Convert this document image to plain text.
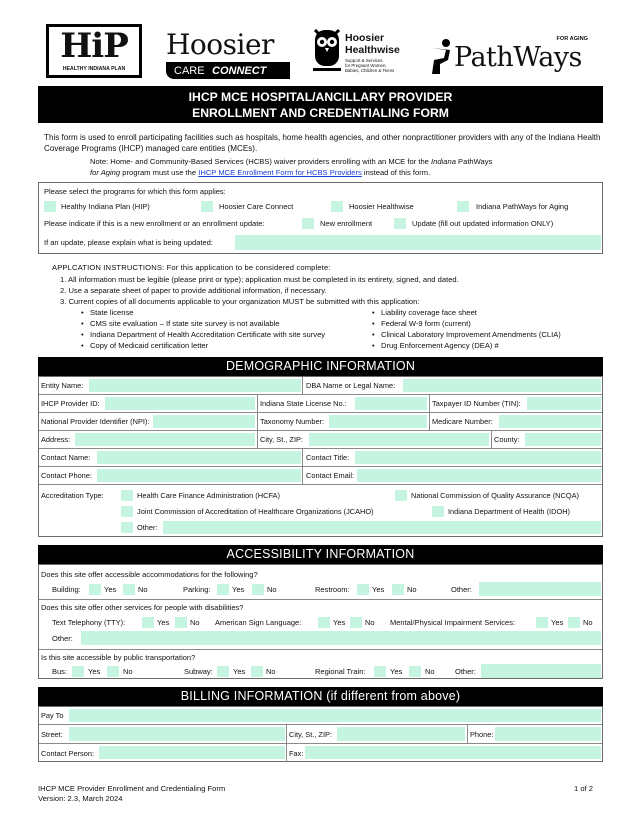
HiP
HEALTHY INDIANA PLAN
Hoosier
CARE CONNECT
Hoosier
Healthwise
Support & Services
for Pregnant Women,
Babies, Children & Teens
FOR AGING
PathWays
IHCP MCE HOSPITAL/ANCILLARY PROVIDER
ENROLLMENT AND CREDENTIALING FORM
This form is used to enroll participating facilities such as hospitals, home health agencies, and other nonpractitioner providers with any of the Indiana Health Coverage Programs (IHCP) managed care entities (MCEs).
Note: Home- and Community-Based Services (HCBS) waiver providers enrolling with an MCE for the Indiana PathWays
for Aging program must use the IHCP MCE Enrollment Form for HCBS Providers instead of this form.
Please select the programs for which this form applies:
Healthy Indiana Plan (HIP)	Hoosier Care Connect	Hoosier Healthwise	Indiana PathWays for Aging
Please indicate if this is a new enrollment or an enrollment update:	New enrollment	Update (fill out updated information ONLY)
If an update, please explain what is being updated:
APPLCATION INSTRUCTIONS: For this application to be considered complete:
1. All information must be legible (please print or type); application must be completed in its entirety, signed, and dated.
2. Use a separate sheet of paper to provide additional information, if necessary.
3. Current copies of all documents applicable to your organization MUST be submitted with this application:
• State license
• CMS site evaluation – If state site survey is not available
• Indiana Department of Health Accreditation Certificate with site survey
• Copy of Medicaid certification letter
• Liability coverage face sheet
• Federal W-9 form (current)
• Clinical Laboratory Improvement Amendments (CLIA)
• Drug Enforcement Agency (DEA) #
DEMOGRAPHIC INFORMATION
Entity Name:	DBA Name or Legal Name:
IHCP Provider ID:	Indiana State License No.:	Taxpayer ID Number (TIN):
National Provider Identifier (NPI):	Taxonomy Number:	Medicare Number:
Address:	City, St., ZIP:	County:
Contact Name:	Contact Title:
Contact Phone:	Contact Email:
Accreditation Type:	Health Care Finance Administration (HCFA)	National Commission of Quality Assurance (NCQA)
Joint Commission of Accreditation of Healthcare Organizations (JCAHO)	Indiana Department of Health (IDOH)
Other:
ACCESSIBILITY INFORMATION
Does this site offer accessible accommodations for the following?
Building:	Yes	No	Parking:	Yes	No	Restroom:	Yes	No	Other:
Does this site offer other services for people with disabilities?
Text Telephony (TTY):	Yes	No American Sign Language:	Yes	No Mental/Physical Impairment Services:	Yes	No
Other:
Is this site accessible by public transportation?
Bus:	Yes	No	Subway:	Yes	No	Regional Train:	Yes	No	Other:
BILLING INFORMATION (if different from above)
Pay To
Street:	City, St., ZIP:	Phone:
Contact Person:	Fax:
IHCP MCE Provider Enrollment and Credentialing Form
Version: 2.3, March 2024
1 of 2
